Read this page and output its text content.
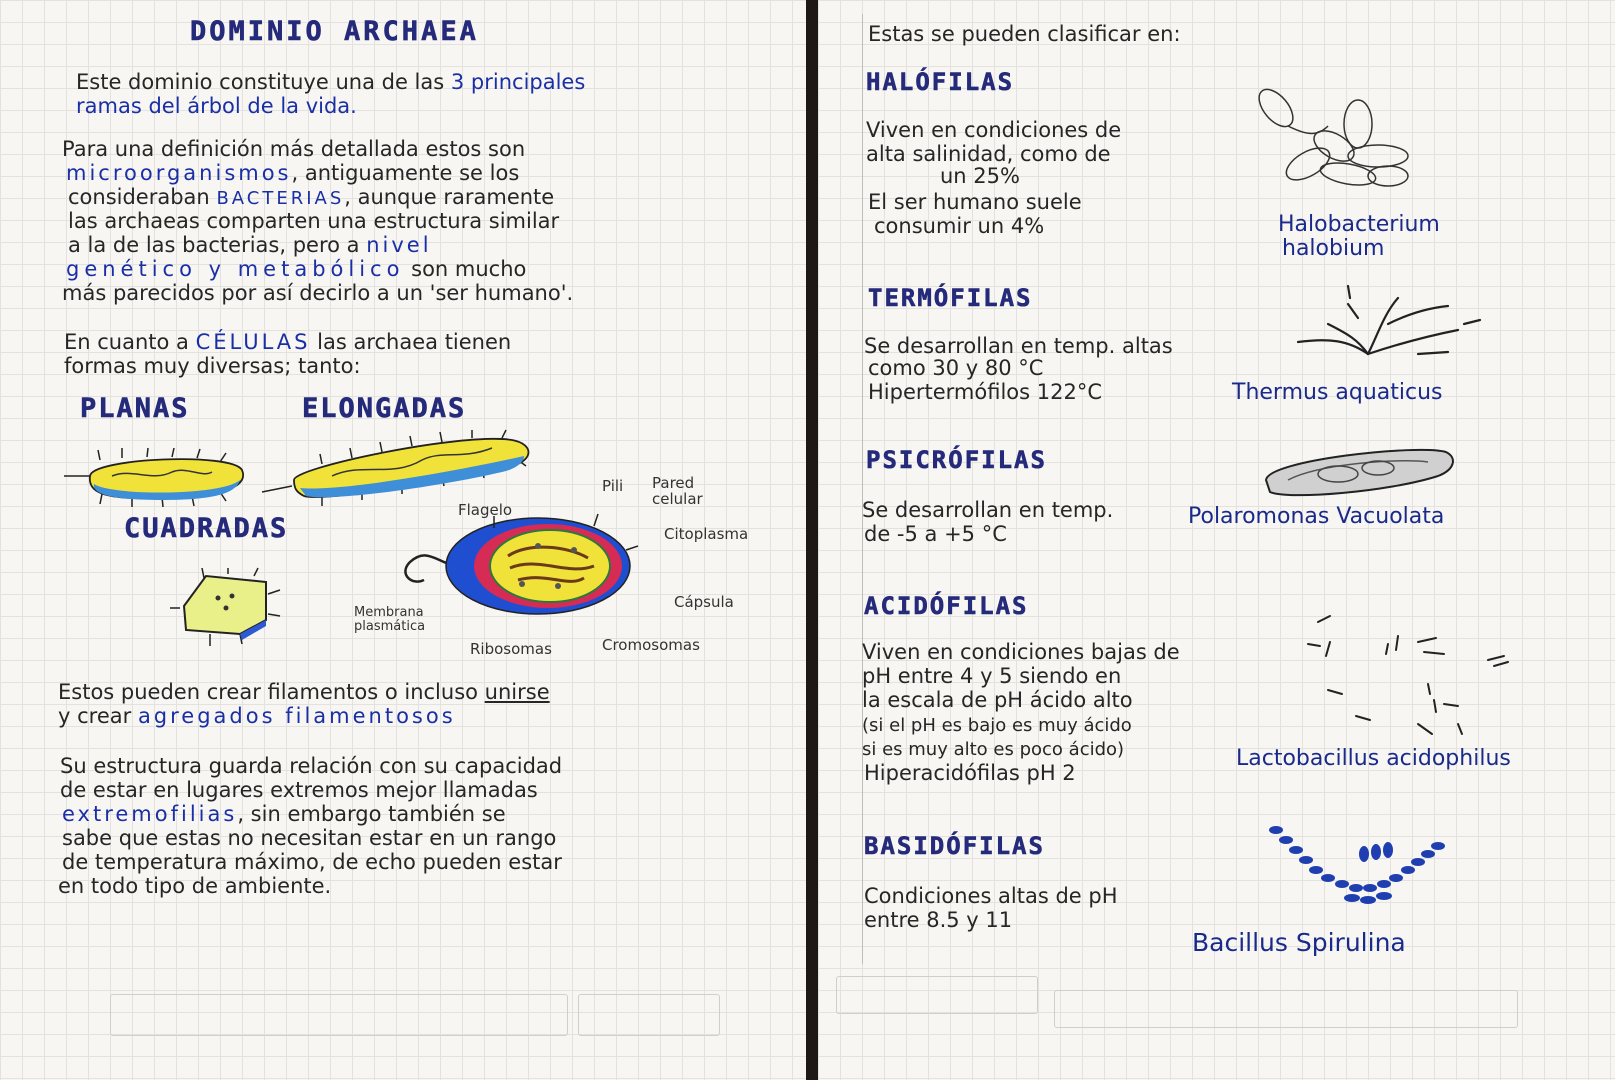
DOMINIO ARCHAEA
Este dominio constituye una de las 3 principales
ramas del árbol de la vida.
Para una definición más detallada estos son
microorganismos, antiguamente se los
consideraban BACTERIAS, aunque raramente
las archaeas comparten una estructura similar
a la de las bacterias, pero a nivel
genético y metabólico son mucho
más parecidos por así decirlo a un 'ser humano'.
En cuanto a CÉLULAS las archaea tienen
formas muy diversas; tanto:
PLANAS	ELONGADAS
CUADRADAS
Pili Pared celular
Flagelo
Citoplasma
Cápsula
Membrana plasmática
Ribosomas	Cromosomas
Estos pueden crear filamentos o incluso unirse
y crear agregados filamentosos
Su estructura guarda relación con su capacidad
de estar en lugares extremos mejor llamadas
extremofilias, sin embargo también se
sabe que estas no necesitan estar en un rango
de temperatura máximo, de echo pueden estar
en todo tipo de ambiente.
Estas se pueden clasificar en:
HALÓFILAS
Viven en condiciones de
alta salinidad, como de
un 25%
El ser humano suele
consumir un 4%	Halobacterium
halobium
TERMÓFILAS
Se desarrollan en temp. altas
como 30 y 80 °C
Hipertermófilos 122°C	Thermus aquaticus
PSICRÓFILAS
Se desarrollan en temp.
de -5 a +5 °C
Polaromonas Vacuolata
ACIDÓFILAS
Viven en condiciones bajas de
pH entre 4 y 5 siendo en
la escala de pH ácido alto
(si el pH es bajo es muy ácido
si es muy alto es poco ácido)
Hiperacidófilas pH 2
Lactobacillus acidophilus
BASIDÓFILAS
Condiciones altas de pH
entre 8.5 y 11
Bacillus Spirulina
